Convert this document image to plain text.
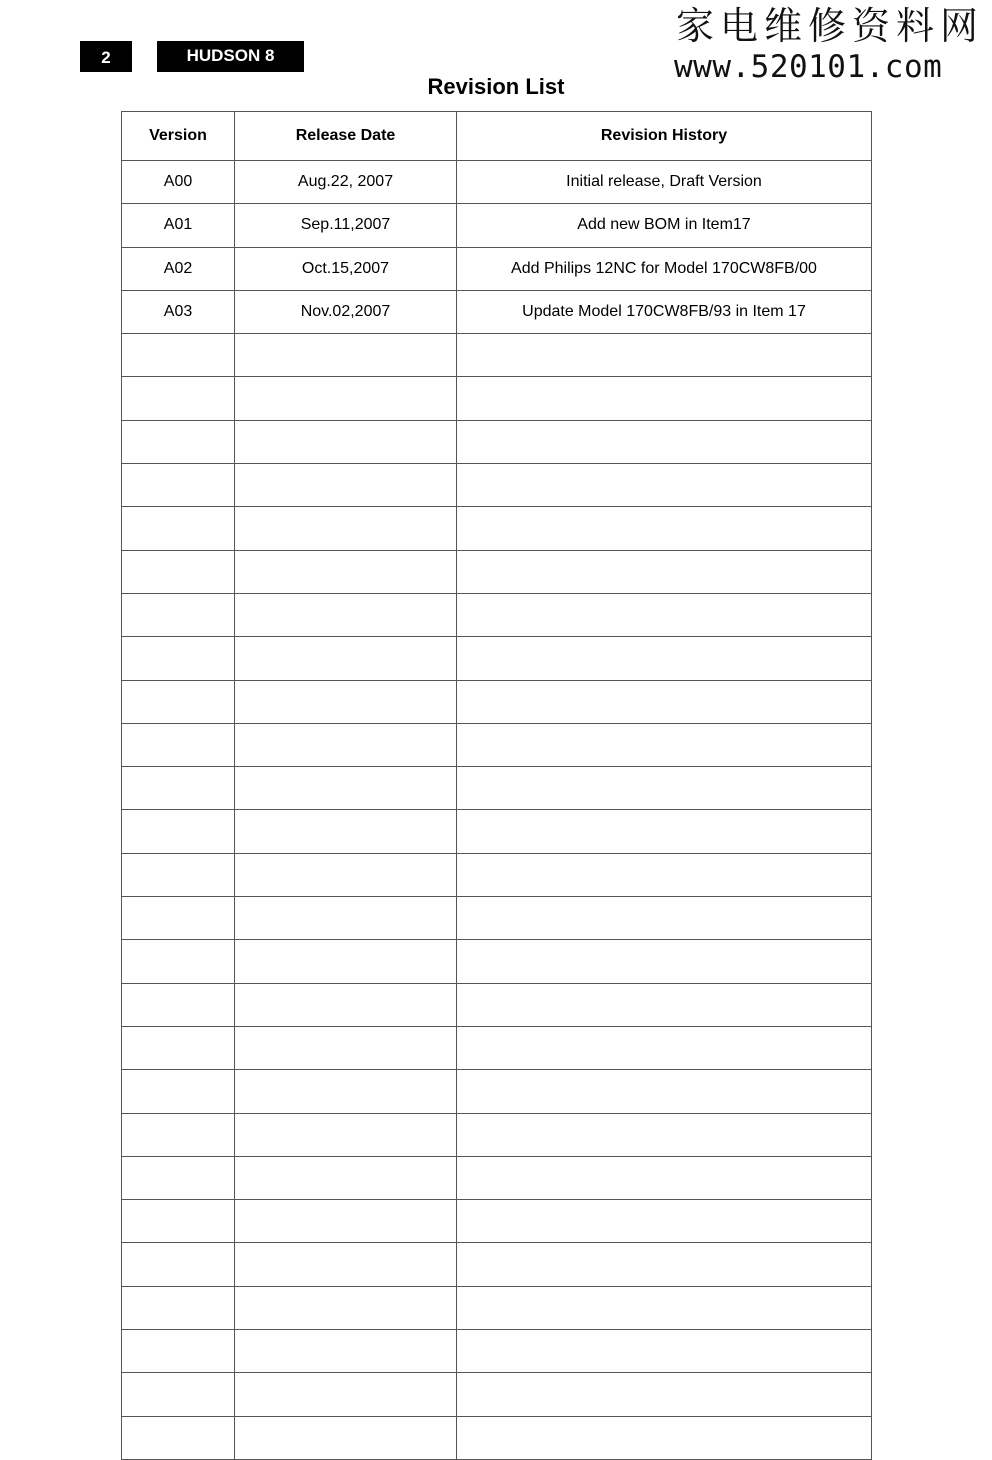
2	HUDSON 8
家电维修资料网
www.520101.com
Revision List
Version	Release Date	Revision History
A00	Aug.22, 2007	Initial release, Draft Version
A01	Sep.11,2007	Add new BOM in Item17
A02	Oct.15,2007	Add Philips 12NC for Model 170CW8FB/00
A03	Nov.02,2007	Update Model 170CW8FB/93 in Item 17
